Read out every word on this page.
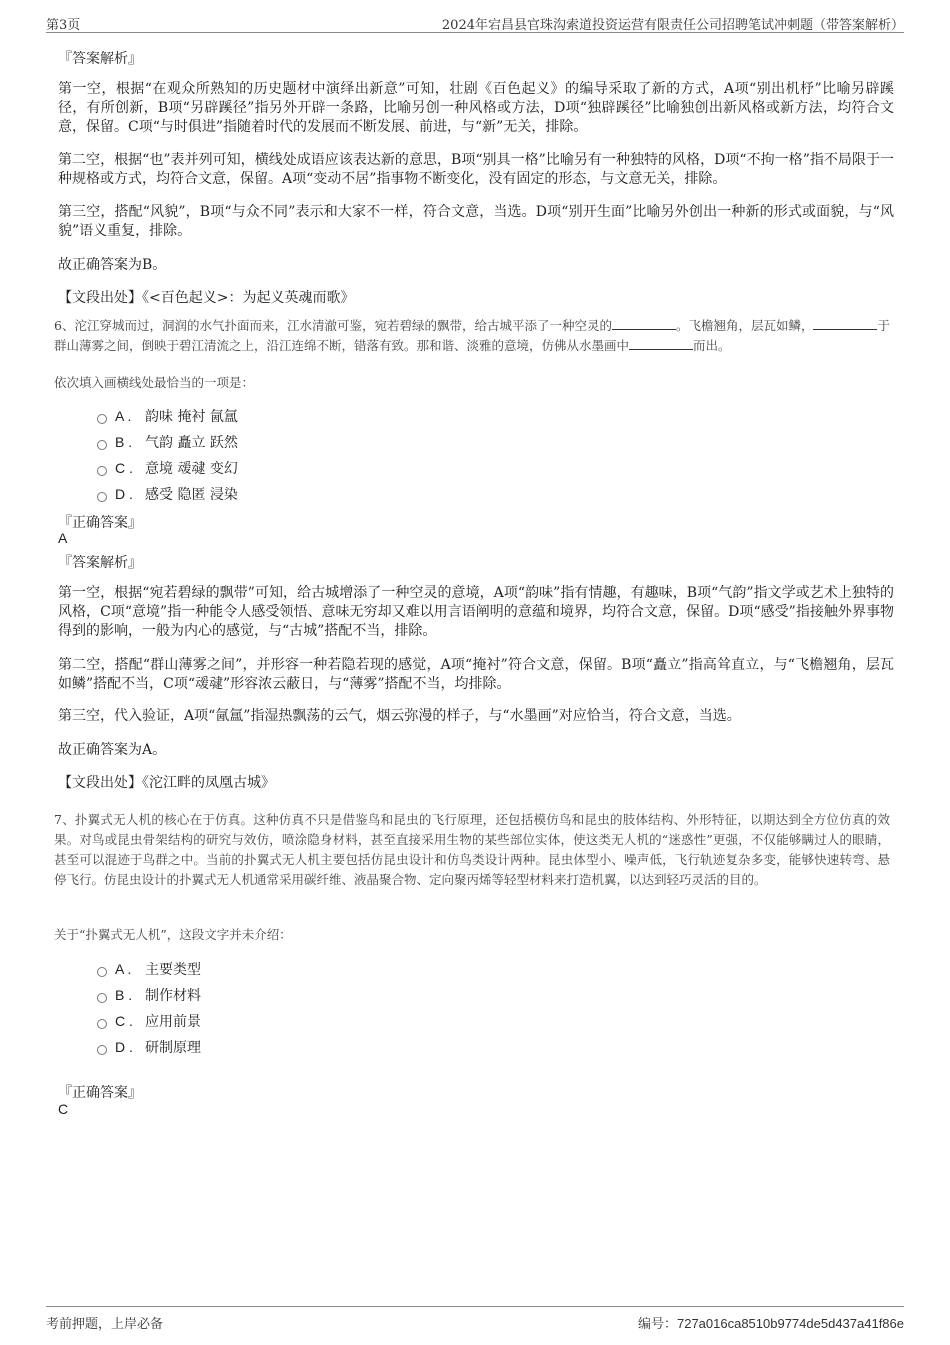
第3页	2024年宕昌县官珠沟索道投资运营有限责任公司招聘笔试冲刺题（带答案解析）
『答案解析』
第一空，根据“在观众所熟知的历史题材中演绎出新意”可知，壮剧《百色起义》的编导采取了新的方式，A项“别出机杼”比喻另辟蹊径，有所创新，B项“另辟蹊径”指另外开辟一条路，比喻另创一种风格或方法，D项“独辟蹊径”比喻独创出新风格或新方法，均符合文意，保留。C项“与时俱进”指随着时代的发展而不断发展、前进，与“新”无关，排除。
第二空，根据“也”表并列可知，横线处成语应该表达新的意思，B项“别具一格”比喻另有一种独特的风格，D项“不拘一格”指不局限于一种规格或方式，均符合文意，保留。A项“变动不居”指事物不断变化，没有固定的形态，与文意无关，排除。
第三空，搭配“风貌”，B项“与众不同”表示和大家不一样，符合文意，当选。D项“别开生面”比喻另外创出一种新的形式或面貌，与“风貌”语义重复，排除。
故正确答案为B。
【文段出处】《<百色起义>：为起义英魂而歌》
6、沱江穿城而过，洞润的水气扑面而来，江水清澈可鉴，宛若碧绿的飘带，给古城平添了一种空灵的	。飞檐翘角，层瓦如鳞，	于群山薄雾之间，倒映于碧江清流之上，沿江连绵不断，错落有致。那和谐、淡雅的意境，仿佛从水墨画中	而出。
依次填入画横线处最恰当的一项是：
A . 韵味 掩衬 氤氲
B . 气韵 矗立 跃然
C . 意境 叆叇 变幻
D . 感受 隐匿 浸染
『正确答案』
A
『答案解析』
第一空，根据“宛若碧绿的飘带”可知，给古城增添了一种空灵的意境，A项“韵味”指有情趣，有趣味，B项“气韵”指文学或艺术上独特的风格，C项“意境”指一种能令人感受领悟、意味无穷却又难以用言语阐明的意蕴和境界，均符合文意，保留。D项“感受”指接触外界事物得到的影响，一般为内心的感觉，与“古城”搭配不当，排除。
第二空，搭配“群山薄雾之间”，并形容一种若隐若现的感觉，A项“掩衬”符合文意，保留。B项“矗立”指高耸直立，与“飞檐翘角，层瓦如鳞”搭配不当，C项“叆叇”形容浓云蔽日，与“薄雾”搭配不当，均排除。
第三空，代入验证，A项“氤氲”指湿热飘荡的云气，烟云弥漫的样子，与“水墨画”对应恰当，符合文意，当选。
故正确答案为A。
【文段出处】《沱江畔的凤凰古城》
7、扑翼式无人机的核心在于仿真。这种仿真不只是借鉴鸟和昆虫的飞行原理，还包括模仿鸟和昆虫的肢体结构、外形特征，以期达到全方位仿真的效果。对鸟或昆虫骨架结构的研究与效仿，喷涂隐身材料，甚至直接采用生物的某些部位实体，使这类无人机的“迷惑性”更强，不仅能够瞒过人的眼睛，甚至可以混迹于鸟群之中。当前的扑翼式无人机主要包括仿昆虫设计和仿鸟类设计两种。昆虫体型小、噪声低，飞行轨迹复杂多变，能够快速转弯、悬停飞行。仿昆虫设计的扑翼式无人机通常采用碳纤维、液晶聚合物、定向聚丙烯等轻型材料来打造机翼，以达到轻巧灵活的目的。
关于“扑翼式无人机”，这段文字并未介绍：
A . 主要类型
B . 制作材料
C . 应用前景
D . 研制原理
『正确答案』
C
考前押题，上岸必备	编号：727a016ca8510b9774de5d437a41f86e
